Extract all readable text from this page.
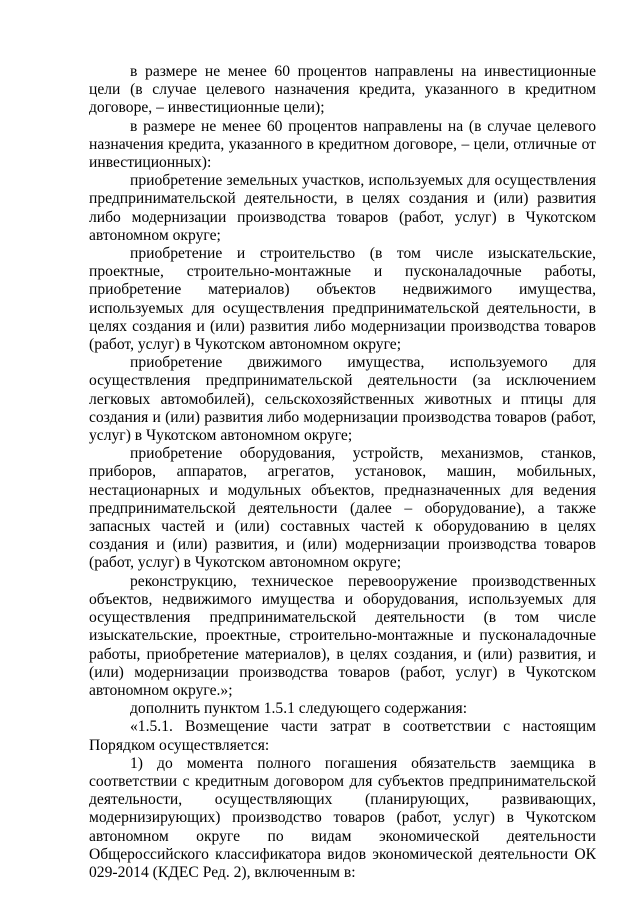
в размере не менее 60 процентов направлены на инвестиционные цели (в случае целевого назначения кредита, указанного в кредитном договоре, – инвестиционные цели);

в размере не менее 60 процентов направлены на (в случае целевого назначения кредита, указанного в кредитном договоре, – цели, отличные от инвестиционных):

приобретение земельных участков, используемых для осуществления предпринимательской деятельности, в целях создания и (или) развития либо модернизации производства товаров (работ, услуг) в Чукотском автономном округе;

приобретение и строительство (в том числе изыскательские, проектные, строительно-монтажные и пусконаладочные работы, приобретение материалов) объектов недвижимого имущества, используемых для осуществления предпринимательской деятельности, в целях создания и (или) развития либо модернизации производства товаров (работ, услуг) в Чукотском автономном округе;

приобретение движимого имущества, используемого для осуществления предпринимательской деятельности (за исключением легковых автомобилей), сельскохозяйственных животных и птицы для создания и (или) развития либо модернизации производства товаров (работ, услуг) в Чукотском автономном округе;

приобретение оборудования, устройств, механизмов, станков, приборов, аппаратов, агрегатов, установок, машин, мобильных, нестационарных и модульных объектов, предназначенных для ведения предпринимательской деятельности (далее – оборудование), а также запасных частей и (или) составных частей к оборудованию в целях создания и (или) развития, и (или) модернизации производства товаров (работ, услуг) в Чукотском автономном округе;

реконструкцию, техническое перевооружение производственных объектов, недвижимого имущества и оборудования, используемых для осуществления предпринимательской деятельности (в том числе изыскательские, проектные, строительно-монтажные и пусконаладочные работы, приобретение материалов), в целях создания, и (или) развития, и (или) модернизации производства товаров (работ, услуг) в Чукотском автономном округе.»;

дополнить пунктом 1.5.1 следующего содержания:

«1.5.1. Возмещение части затрат в соответствии с настоящим Порядком осуществляется:

1) до момента полного погашения обязательств заемщика в соответствии с кредитным договором для субъектов предпринимательской деятельности, осуществляющих (планирующих, развивающих, модернизирующих) производство товаров (работ, услуг) в Чукотском автономном округе по видам экономической деятельности Общероссийского классификатора видов экономической деятельности ОК 029-2014 (КДЕС Ред. 2), включенным в:
